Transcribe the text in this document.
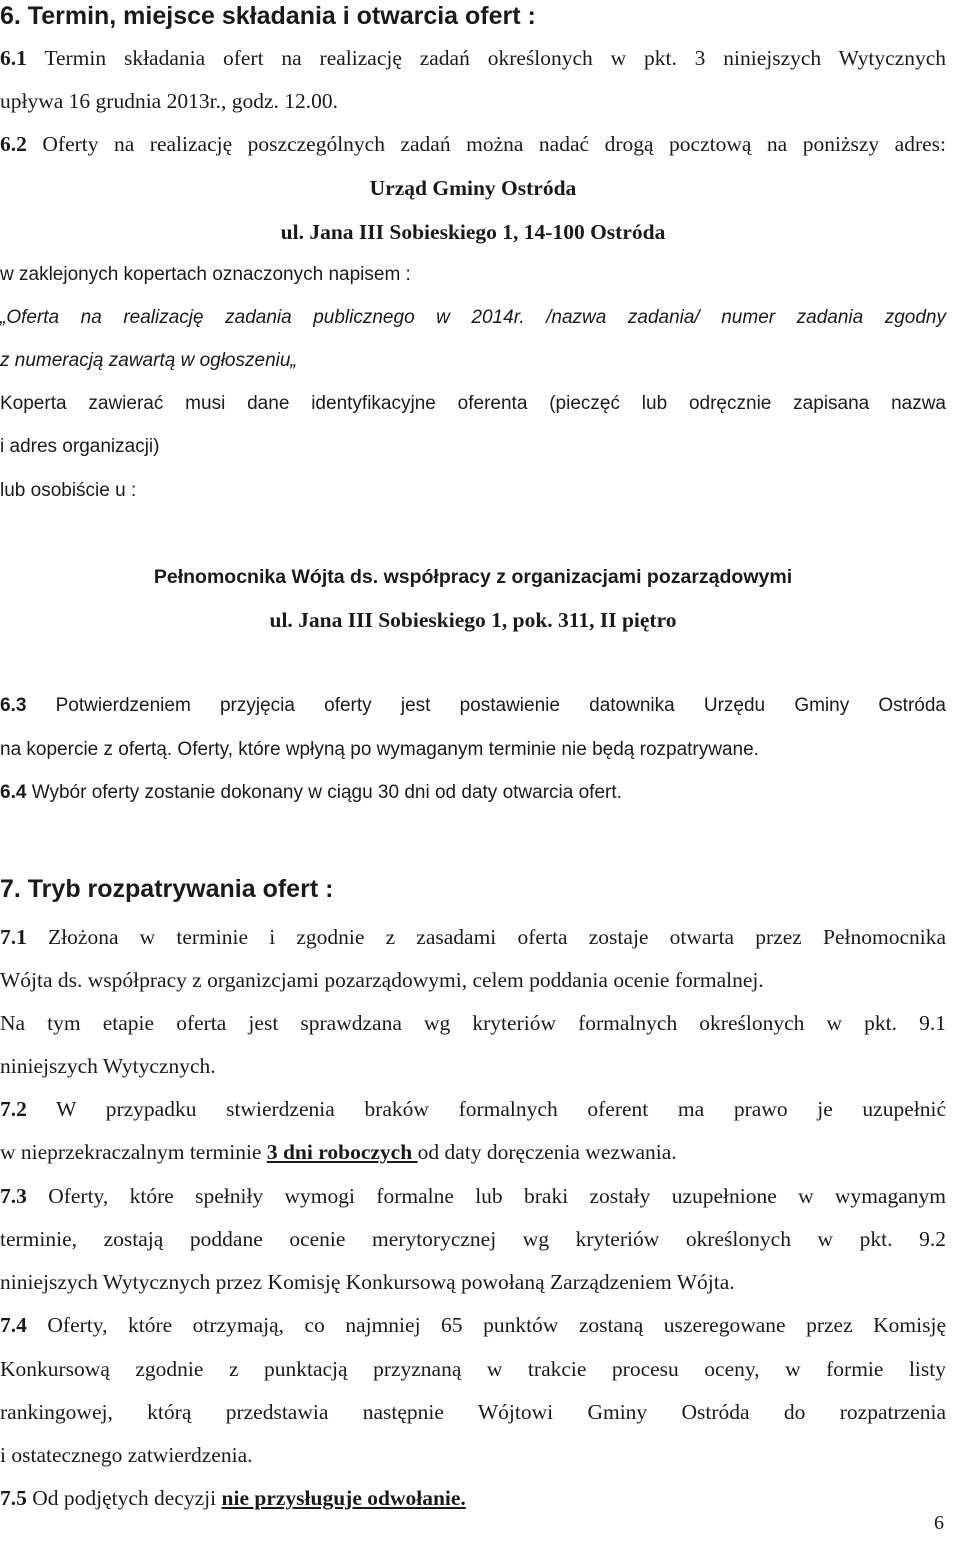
6. Termin, miejsce składania i otwarcia ofert :
6.1 Termin składania ofert na realizację zadań określonych w pkt. 3 niniejszych Wytycznych
upływa 16 grudnia 2013r., godz. 12.00.
6.2 Oferty na realizację poszczególnych zadań można nadać drogą pocztową na poniższy adres:
Urząd Gminy Ostróda
ul. Jana III Sobieskiego 1, 14-100 Ostróda
w zaklejonych kopertach oznaczonych napisem :
„Oferta na realizację zadania publicznego w 2014r. /nazwa zadania/ numer zadania zgodny
z numeracją zawartą w ogłoszeniu„
Koperta zawierać musi dane identyfikacyjne oferenta (pieczęć lub odręcznie zapisana nazwa
i adres organizacji)
lub osobiście u :
Pełnomocnika Wójta ds. współpracy z organizacjami pozarządowymi
ul. Jana III Sobieskiego 1, pok. 311, II piętro
6.3 Potwierdzeniem przyjęcia oferty jest postawienie datownika Urzędu Gminy Ostróda
na kopercie z ofertą. Oferty, które wpłyną po wymaganym terminie nie będą rozpatrywane.
6.4 Wybór oferty zostanie dokonany w ciągu 30 dni od daty otwarcia ofert.
7. Tryb rozpatrywania ofert :
7.1 Złożona w terminie i zgodnie z zasadami oferta zostaje otwarta przez Pełnomocnika
Wójta ds. współpracy z organizcjami pozarządowymi, celem poddania ocenie formalnej.
Na tym etapie oferta jest sprawdzana wg kryteriów formalnych określonych w pkt. 9.1
niniejszych Wytycznych.
7.2 W przypadku stwierdzenia braków formalnych oferent ma prawo je uzupełnić
w nieprzekraczalnym terminie 3 dni roboczych od daty doręczenia wezwania.
7.3 Oferty, które spełniły wymogi formalne lub braki zostały uzupełnione w wymaganym
terminie, zostają poddane ocenie merytorycznej wg kryteriów określonych w pkt. 9.2
niniejszych Wytycznych przez Komisję Konkursową powołaną Zarządzeniem Wójta.
7.4 Oferty, które otrzymają, co najmniej 65 punktów zostaną uszeregowane przez Komisję
Konkursową zgodnie z punktacją przyznaną w trakcie procesu oceny, w formie listy
rankingowej, którą przedstawia następnie Wójtowi Gminy Ostróda do rozpatrzenia
i ostatecznego zatwierdzenia.
7.5 Od podjętych decyzji nie przysługuje odwołanie.
6
